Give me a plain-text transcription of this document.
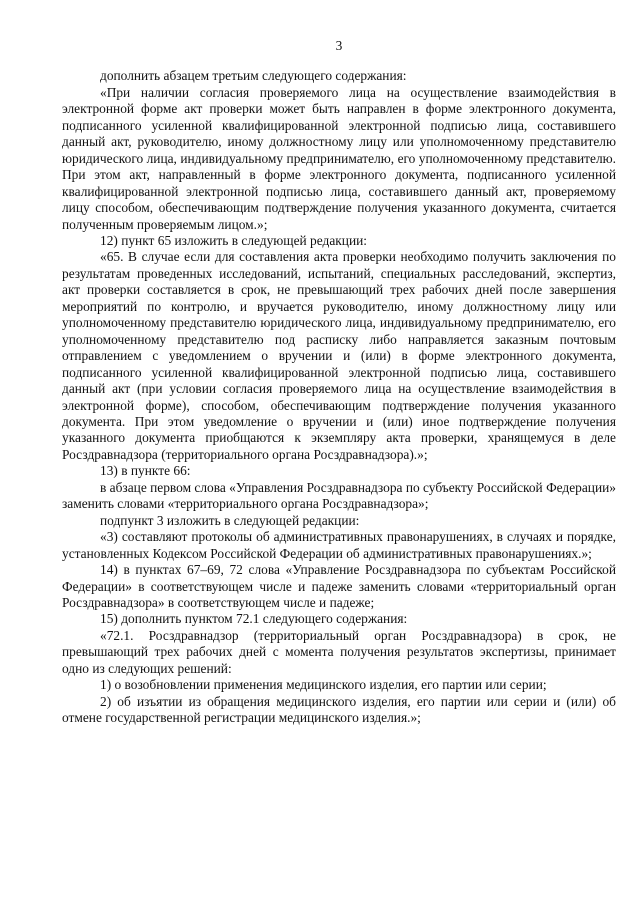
3

дополнить абзацем третьим следующего содержания:

«При наличии согласия проверяемого лица на осуществление взаимодействия в электронной форме акт проверки может быть направлен в форме электронного документа, подписанного усиленной квалифицированной электронной подписью лица, составившего данный акт, руководителю, иному должностному лицу или уполномоченному представителю юридического лица, индивидуальному предпринимателю, его уполномоченному представителю. При этом акт, направленный в форме электронного документа, подписанного усиленной квалифицированной электронной подписью лица, составившего данный акт, проверяемому лицу способом, обеспечивающим подтверждение получения указанного документа, считается полученным проверяемым лицом.»;

12) пункт 65 изложить в следующей редакции:

«65. В случае если для составления акта проверки необходимо получить заключения по результатам проведенных исследований, испытаний, специальных расследований, экспертиз, акт проверки составляется в срок, не превышающий трех рабочих дней после завершения мероприятий по контролю, и вручается руководителю, иному должностному лицу или уполномоченному представителю юридического лица, индивидуальному предпринимателю, его уполномоченному представителю под расписку либо направляется заказным почтовым отправлением с уведомлением о вручении и (или) в форме электронного документа, подписанного усиленной квалифицированной электронной подписью лица, составившего данный акт (при условии согласия проверяемого лица на осуществление взаимодействия в электронной форме), способом, обеспечивающим подтверждение получения указанного документа. При этом уведомление о вручении и (или) иное подтверждение получения указанного документа приобщаются к экземпляру акта проверки, хранящемуся в деле Росздравнадзора (территориального органа Росздравнадзора).»;

13) в пункте 66:

в абзаце первом слова «Управления Росздравнадзора по субъекту Российской Федерации» заменить словами «территориального органа Росздравнадзора»;

подпункт 3 изложить в следующей редакции:

«3) составляют протоколы об административных правонарушениях, в случаях и порядке, установленных Кодексом Российской Федерации об административных правонарушениях.»;

14) в пунктах 67–69, 72 слова «Управление Росздравнадзора по субъектам Российской Федерации» в соответствующем числе и падеже заменить словами «территориальный орган Росздравнадзора» в соответствующем числе и падеже;

15) дополнить пунктом 72.1 следующего содержания:

«72.1. Росздравнадзор (территориальный орган Росздравнадзора) в срок, не превышающий трех рабочих дней с момента получения результатов экспертизы, принимает одно из следующих решений:

1) о возобновлении применения медицинского изделия, его партии или серии;

2) об изъятии из обращения медицинского изделия, его партии или серии и (или) об отмене государственной регистрации медицинского изделия.»;
